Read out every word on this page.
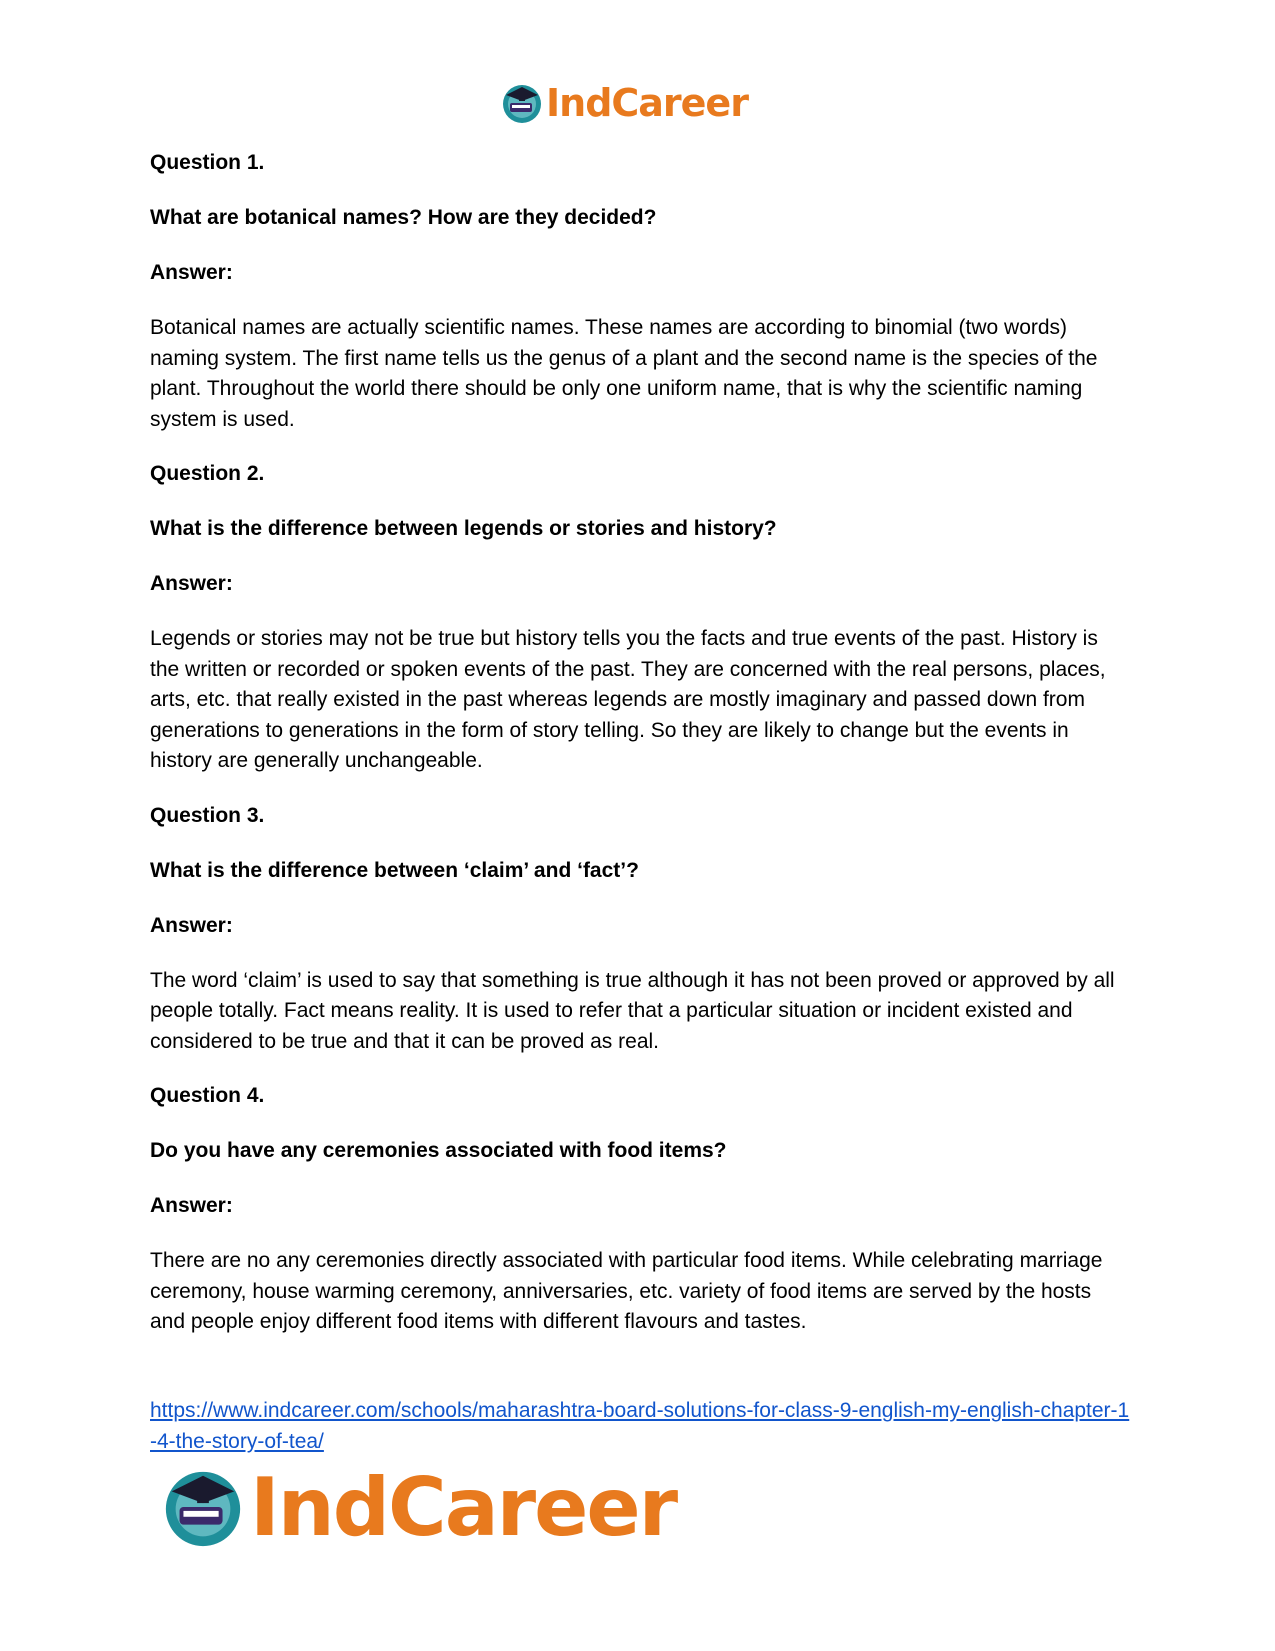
IndCareer

Question 1.

What are botanical names? How are they decided?

Answer:

Botanical names are actually scientific names. These names are according to binomial (two words) naming system. The first name tells us the genus of a plant and the second name is the species of the plant. Throughout the world there should be only one uniform name, that is why the scientific naming system is used.

Question 2.

What is the difference between legends or stories and history?

Answer:

Legends or stories may not be true but history tells you the facts and true events of the past. History is the written or recorded or spoken events of the past. They are concerned with the real persons, places, arts, etc. that really existed in the past whereas legends are mostly imaginary and passed down from generations to generations in the form of story telling. So they are likely to change but the events in history are generally unchangeable.

Question 3.

What is the difference between ‘claim’ and ‘fact’?

Answer:

The word ‘claim’ is used to say that something is true although it has not been proved or approved by all people totally. Fact means reality. It is used to refer that a particular situation or incident existed and considered to be true and that it can be proved as real.

Question 4.

Do you have any ceremonies associated with food items?

Answer:

There are no any ceremonies directly associated with particular food items. While celebrating marriage ceremony, house warming ceremony, anniversaries, etc. variety of food items are served by the hosts and people enjoy different food items with different flavours and tastes.

https://www.indcareer.com/schools/maharashtra-board-solutions-for-class-9-english-my-english-chapter-1-4-the-story-of-tea/
IndCareer
